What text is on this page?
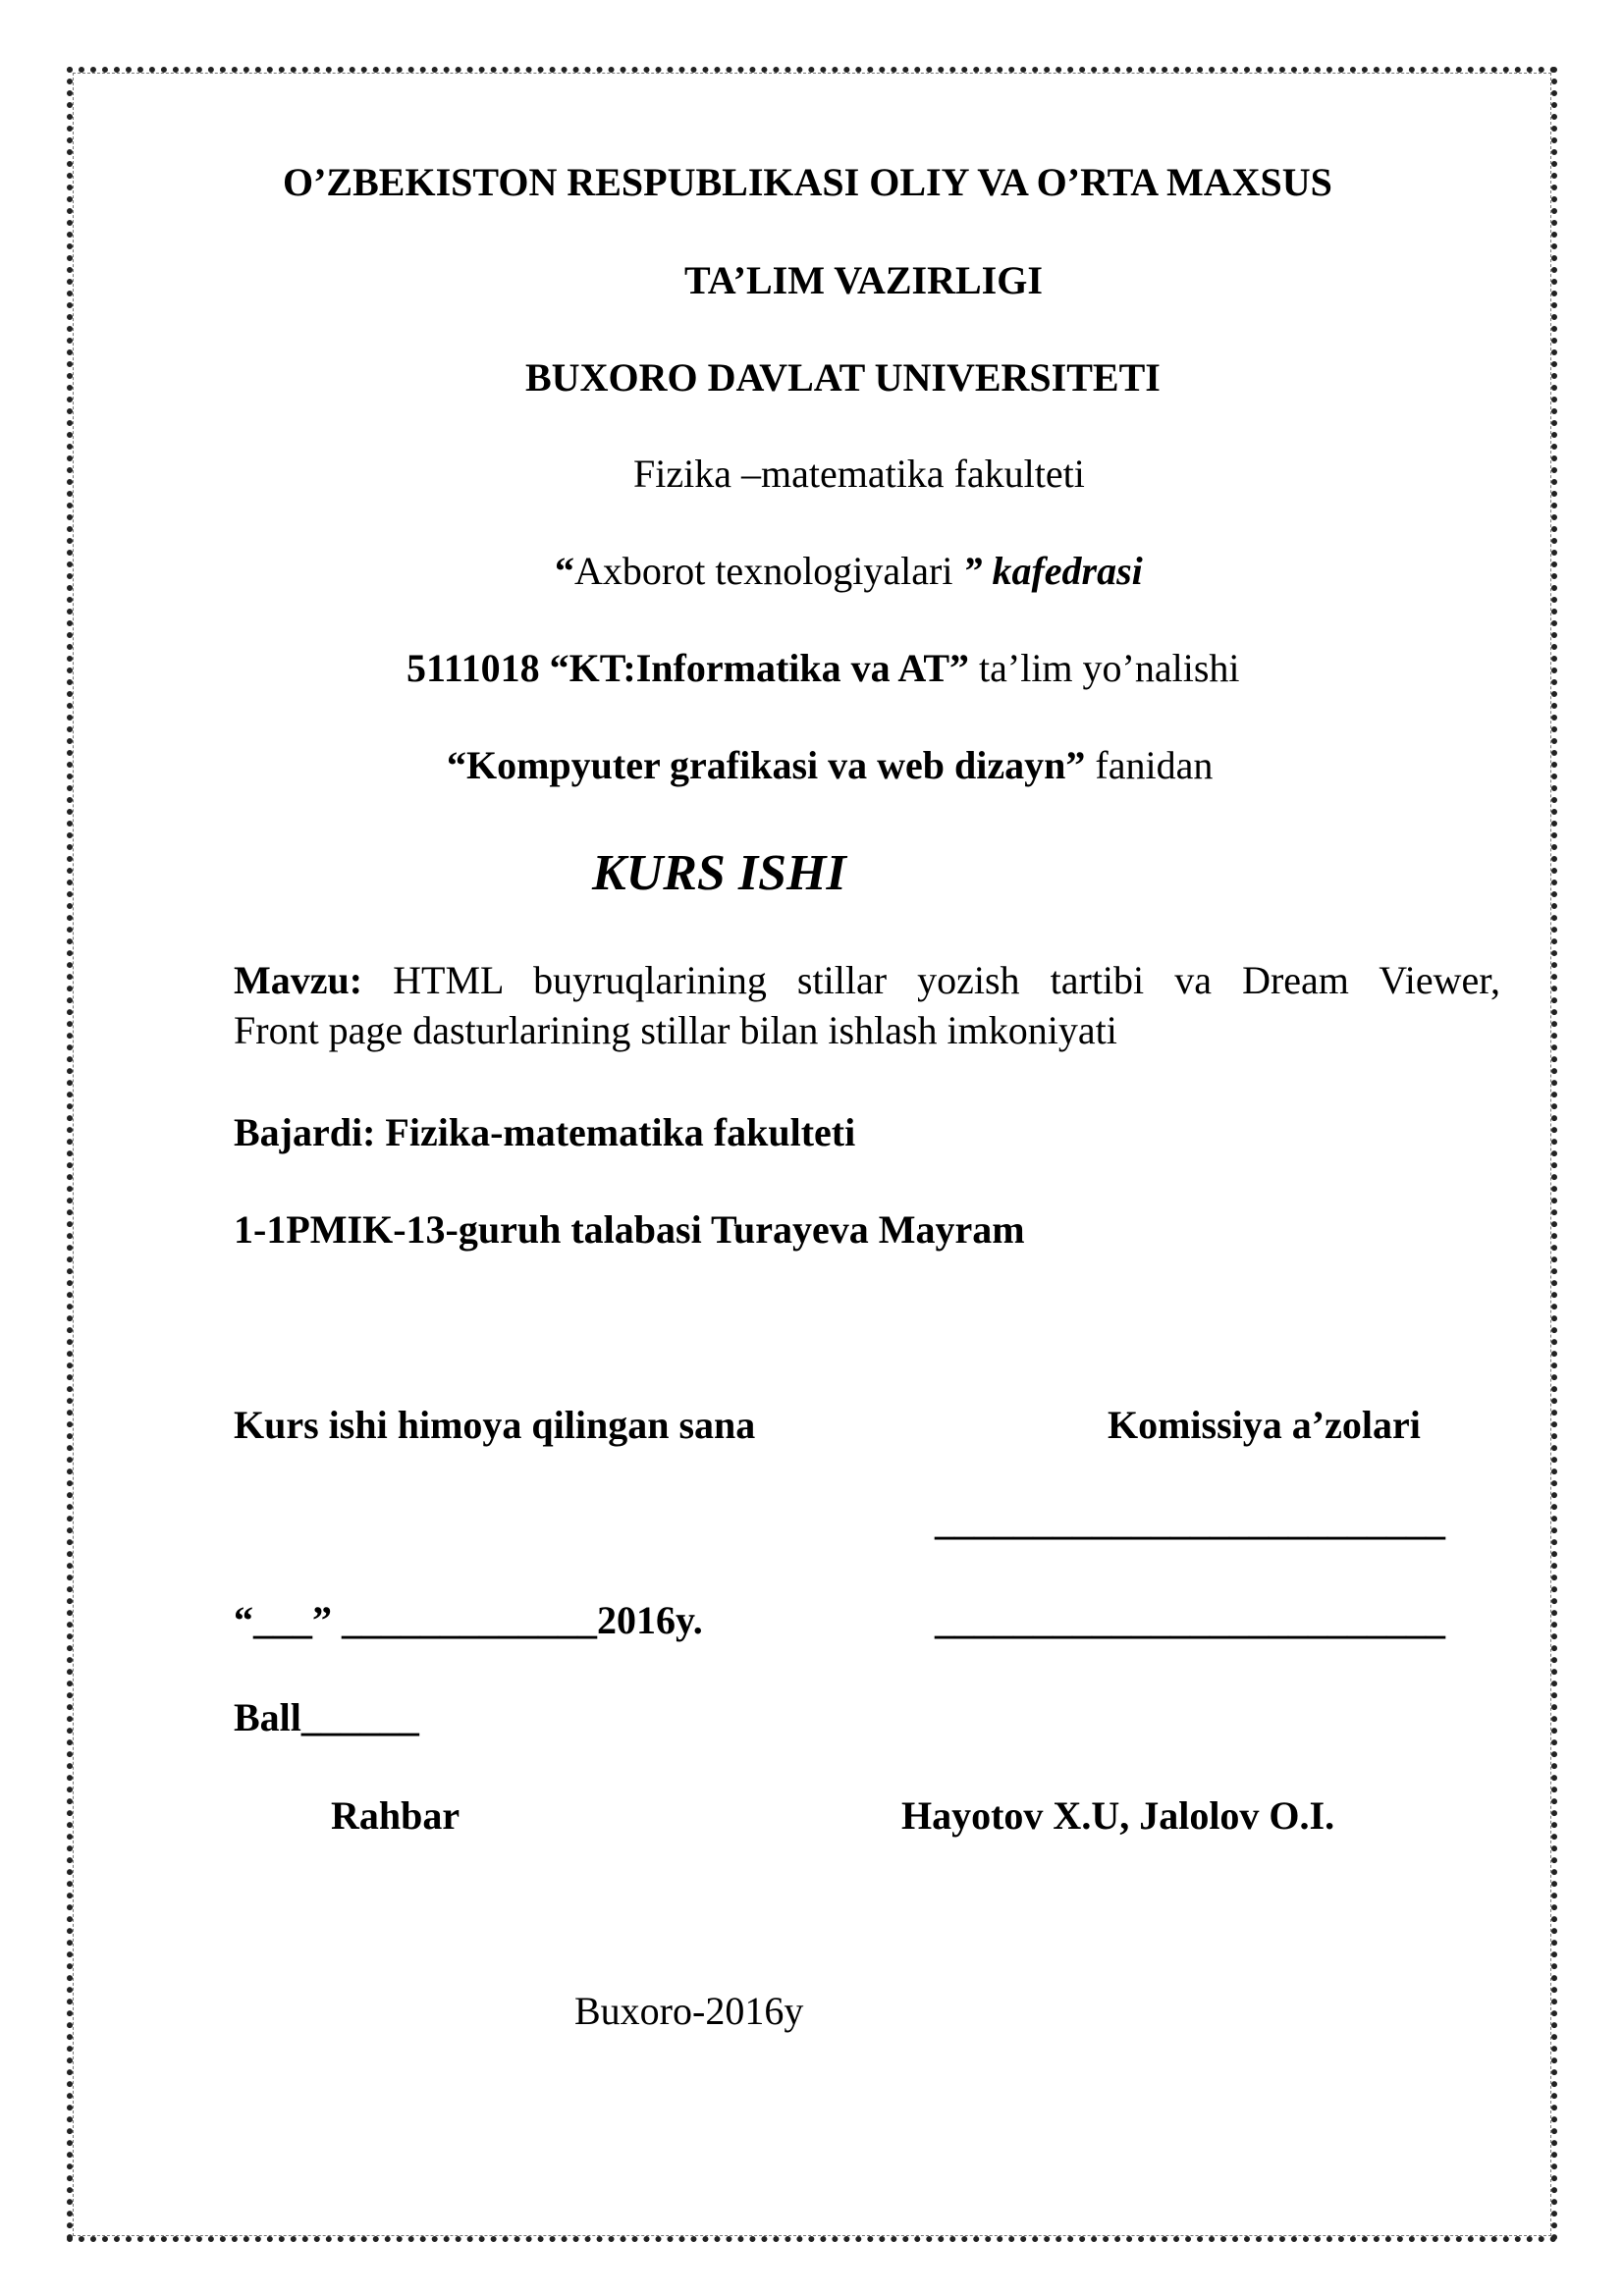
O’ZBEKISTON RESPUBLIKASI OLIY VA O’RTA MAXSUS
TA’LIM VAZIRLIGI
BUXORO DAVLAT UNIVERSITETI
Fizika –matematika fakulteti
“Axborot texnologiyalari ” kafedrasi
5111018 “KT:Informatika va AT” ta’lim yo’nalishi
“Kompyuter grafikasi va web dizayn” fanidan
KURS ISHI
Mavzu: HTML buyruqlarining stillar yozish tartibi va Dream Viewer,
Front page dasturlarining stillar bilan ishlash imkoniyati
Bajardi: Fizika-matematika fakulteti
1-1PMIK-13-guruh talabasi Turayeva Mayram
Kurs ishi himoya qilingan sana	Komissiya a’zolari
__________________________
“___” _____________2016y.	__________________________
Ball______
Rahbar	Hayotov X.U, Jalolov O.I.
Buxoro-2016y
